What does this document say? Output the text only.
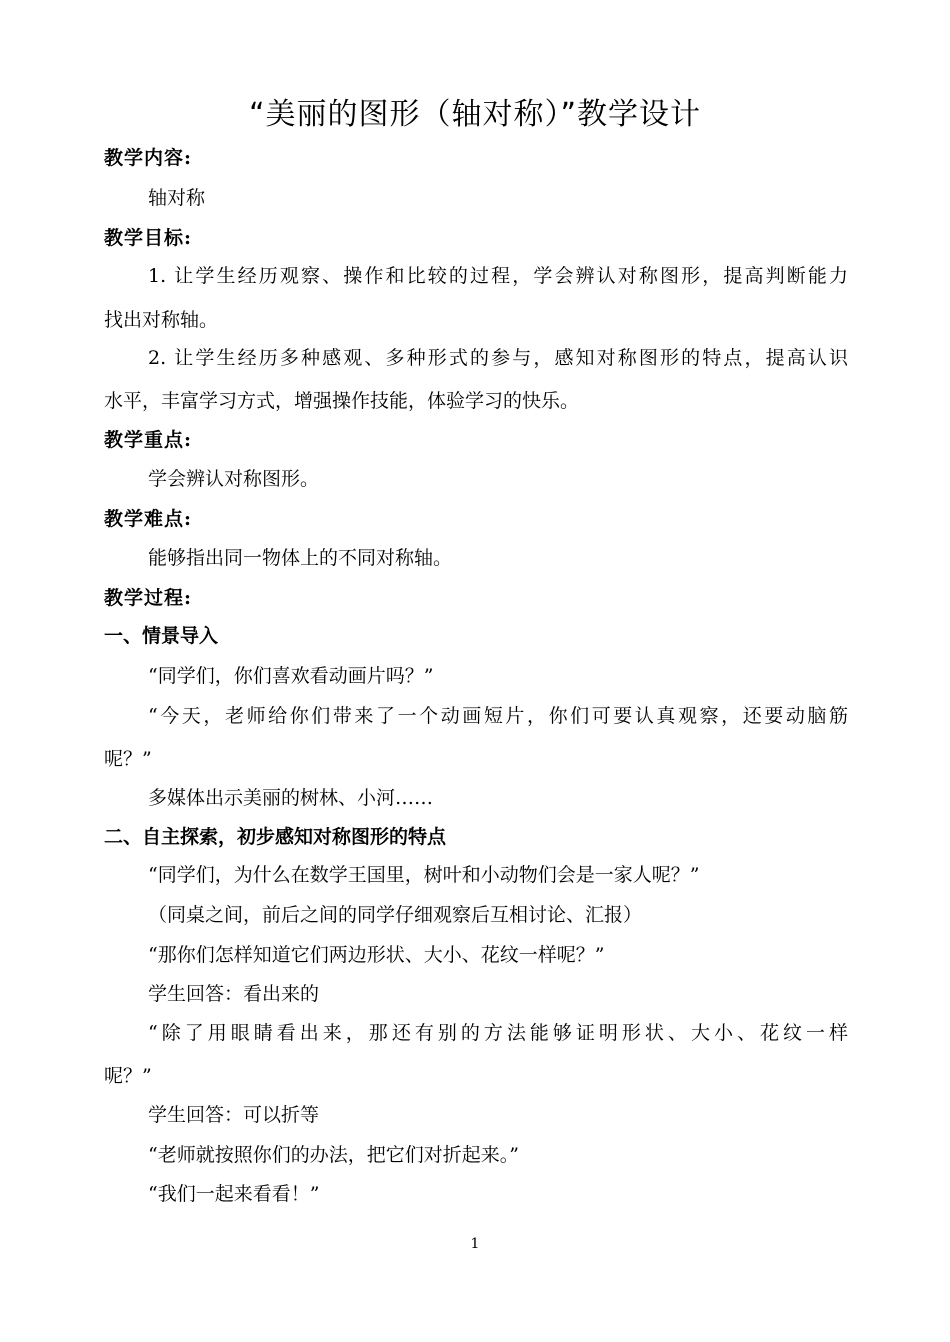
“美丽的图形（轴对称）”教学设计
教学内容:
轴对称
教学目标:
1. 让学生经历观察、操作和比较的过程，学会辨认对称图形，提高判断能力
找出对称轴。
2. 让学生经历多种感观、多种形式的参与，感知对称图形的特点，提高认识
水平，丰富学习方式，增强操作技能，体验学习的快乐。
教学重点:
学会辨认对称图形。
教学难点:
能够指出同一物体上的不同对称轴。
教学过程:
一、情景导入
“同学们，你们喜欢看动画片吗？”
“今天，老师给你们带来了一个动画短片，你们可要认真观察，还要动脑筋
呢？”
多媒体出示美丽的树林、小河……
二、自主探索，初步感知对称图形的特点
“同学们，为什么在数学王国里，树叶和小动物们会是一家人呢？”
（同桌之间，前后之间的同学仔细观察后互相讨论、汇报）
“那你们怎样知道它们两边形状、大小、花纹一样呢？”
学生回答：看出来的
“除了用眼睛看出来，那还有别的方法能够证明形状、大小、花纹一样
呢？”
学生回答：可以折等
“老师就按照你们的办法，把它们对折起来。”
“我们一起来看看！”
1
